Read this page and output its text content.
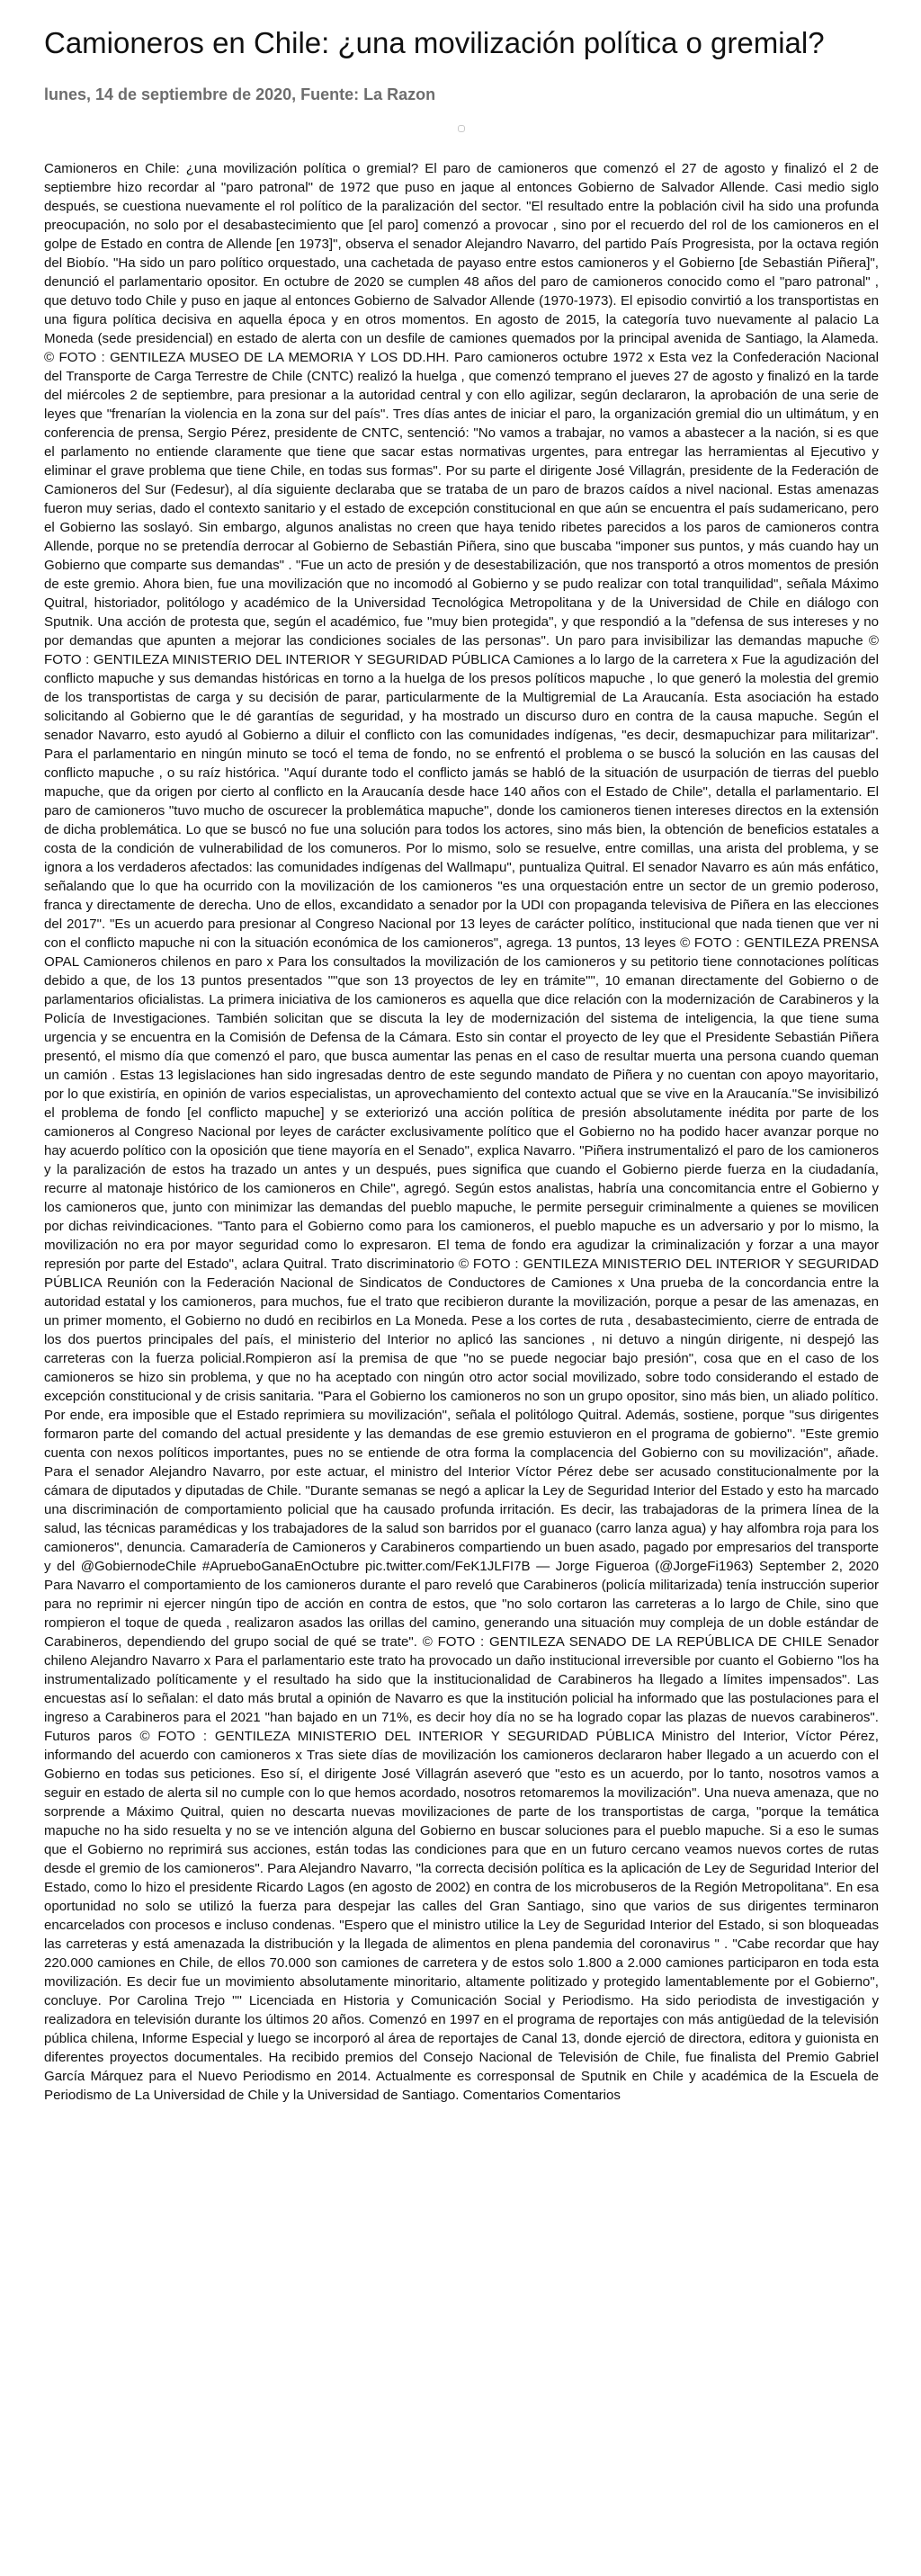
Camioneros en Chile: ¿una movilización política o gremial?
lunes, 14 de septiembre de 2020, Fuente: La Razon

Camioneros en Chile: ¿una movilización política o gremial? El paro de camioneros que comenzó el 27 de agosto y finalizó el 2 de septiembre hizo recordar al "paro patronal" de 1972 que puso en jaque al entonces Gobierno de Salvador Allende. Casi medio siglo después, se cuestiona nuevamente el rol político de la paralización del sector. "El resultado entre la población civil ha sido una profunda preocupación, no solo por el desabastecimiento que [el paro] comenzó a provocar , sino por el recuerdo del rol de los camioneros en el golpe de Estado en contra de Allende [en 1973]", observa el senador Alejandro Navarro, del partido País Progresista, por la octava región del Biobío. "Ha sido un paro político orquestado, una cachetada de payaso entre estos camioneros y el Gobierno [de Sebastián Piñera]", denunció el parlamentario opositor. En octubre de 2020 se cumplen 48 años del paro de camioneros conocido como el "paro patronal" , que detuvo todo Chile y puso en jaque al entonces Gobierno de Salvador Allende (1970-1973). El episodio convirtió a los transportistas en una figura política decisiva en aquella época y en otros momentos. En agosto de 2015, la categoría tuvo nuevamente al palacio La Moneda (sede presidencial) en estado de alerta con un desfile de camiones quemados por la principal avenida de Santiago, la Alameda. © FOTO : GENTILEZA MUSEO DE LA MEMORIA Y LOS DD.HH. Paro camioneros octubre 1972 x Esta vez la Confederación Nacional del Transporte de Carga Terrestre de Chile (CNTC) realizó la huelga , que comenzó temprano el jueves 27 de agosto y finalizó en la tarde del miércoles 2 de septiembre, para presionar a la autoridad central y con ello agilizar, según declararon, la aprobación de una serie de leyes que "frenarían la violencia en la zona sur del país". Tres días antes de iniciar el paro, la organización gremial dio un ultimátum, y en conferencia de prensa, Sergio Pérez, presidente de CNTC, sentenció: "No vamos a trabajar, no vamos a abastecer a la nación, si es que el parlamento no entiende claramente que tiene que sacar estas normativas urgentes, para entregar las herramientas al Ejecutivo y eliminar el grave problema que tiene Chile, en todas sus formas". Por su parte el dirigente José Villagrán, presidente de la Federación de Camioneros del Sur (Fedesur), al día siguiente declaraba que se trataba de un paro de brazos caídos a nivel nacional. Estas amenazas fueron muy serias, dado el contexto sanitario y el estado de excepción constitucional en que aún se encuentra el país sudamericano, pero el Gobierno las soslayó. Sin embargo, algunos analistas no creen que haya tenido ribetes parecidos a los paros de camioneros contra Allende, porque no se pretendía derrocar al Gobierno de Sebastián Piñera, sino que buscaba "imponer sus puntos, y más cuando hay un Gobierno que comparte sus demandas" . "Fue un acto de presión y de desestabilización, que nos transportó a otros momentos de presión de este gremio. Ahora bien, fue una movilización que no incomodó al Gobierno y se pudo realizar con total tranquilidad", señala Máximo Quitral, historiador, politólogo y académico de la Universidad Tecnológica Metropolitana y de la Universidad de Chile en diálogo con Sputnik. Una acción de protesta que, según el académico, fue "muy bien protegida", y que respondió a la "defensa de sus intereses y no por demandas que apunten a mejorar las condiciones sociales de las personas". Un paro para invisibilizar las demandas mapuche © FOTO : GENTILEZA MINISTERIO DEL INTERIOR Y SEGURIDAD PÚBLICA Camiones a lo largo de la carretera x Fue la agudización del conflicto mapuche y sus demandas históricas en torno a la huelga de los presos políticos mapuche , lo que generó la molestia del gremio de los transportistas de carga y su decisión de parar, particularmente de la Multigremial de La Araucanía. Esta asociación ha estado solicitando al Gobierno que le dé garantías de seguridad, y ha mostrado un discurso duro en contra de la causa mapuche. Según el senador Navarro, esto ayudó al Gobierno a diluir el conflicto con las comunidades indígenas, "es decir, desmapuchizar para militarizar". Para el parlamentario en ningún minuto se tocó el tema de fondo, no se enfrentó el problema o se buscó la solución en las causas del conflicto mapuche , o su raíz histórica. "Aquí durante todo el conflicto jamás se habló de la situación de usurpación de tierras del pueblo mapuche, que da origen por cierto al conflicto en la Araucanía desde hace 140 años con el Estado de Chile", detalla el parlamentario. El paro de camioneros "tuvo mucho de oscurecer la problemática mapuche", donde los camioneros tienen intereses directos en la extensión de dicha problemática. Lo que se buscó no fue una solución para todos los actores, sino más bien, la obtención de beneficios estatales a costa de la condición de vulnerabilidad de los comuneros. Por lo mismo, solo se resuelve, entre comillas, una arista del problema, y se ignora a los verdaderos afectados: las comunidades indígenas del Wallmapu", puntualiza Quitral. El senador Navarro es aún más enfático, señalando que lo que ha ocurrido con la movilización de los camioneros "es una orquestación entre un sector de un gremio poderoso, franca y directamente de derecha. Uno de ellos, excandidato a senador por la UDI con propaganda televisiva de Piñera en las elecciones del 2017". "Es un acuerdo para presionar al Congreso Nacional por 13 leyes de carácter político, institucional que nada tienen que ver ni con el conflicto mapuche ni con la situación económica de los camioneros", agrega. 13 puntos, 13 leyes © FOTO : GENTILEZA PRENSA OPAL Camioneros chilenos en paro x Para los consultados la movilización de los camioneros y su petitorio tiene connotaciones políticas debido a que, de los 13 puntos presentados ""que son 13 proyectos de ley en trámite"", 10 emanan directamente del Gobierno o de parlamentarios oficialistas. La primera iniciativa de los camioneros es aquella que dice relación con la modernización de Carabineros y la Policía de Investigaciones. También solicitan que se discuta la ley de modernización del sistema de inteligencia, la que tiene suma urgencia y se encuentra en la Comisión de Defensa de la Cámara. Esto sin contar el proyecto de ley que el Presidente Sebastián Piñera presentó, el mismo día que comenzó el paro, que busca aumentar las penas en el caso de resultar muerta una persona cuando queman un camión . Estas 13 legislaciones han sido ingresadas dentro de este segundo mandato de Piñera y no cuentan con apoyo mayoritario, por lo que existiría, en opinión de varios especialistas, un aprovechamiento del contexto actual que se vive en la Araucanía."Se invisibilizó el problema de fondo [el conflicto mapuche] y se exteriorizó una acción política de presión absolutamente inédita por parte de los camioneros al Congreso Nacional por leyes de carácter exclusivamente político que el Gobierno no ha podido hacer avanzar porque no hay acuerdo político con la oposición que tiene mayoría en el Senado", explica Navarro. "Piñera instrumentalizó el paro de los camioneros y la paralización de estos ha trazado un antes y un después, pues significa que cuando el Gobierno pierde fuerza en la ciudadanía, recurre al matonaje histórico de los camioneros en Chile", agregó. Según estos analistas, habría una concomitancia entre el Gobierno y los camioneros que, junto con minimizar las demandas del pueblo mapuche, le permite perseguir criminalmente a quienes se movilicen por dichas reivindicaciones. "Tanto para el Gobierno como para los camioneros, el pueblo mapuche es un adversario y por lo mismo, la movilización no era por mayor seguridad como lo expresaron. El tema de fondo era agudizar la criminalización y forzar a una mayor represión por parte del Estado", aclara Quitral. Trato discriminatorio © FOTO : GENTILEZA MINISTERIO DEL INTERIOR Y SEGURIDAD PÚBLICA Reunión con la Federación Nacional de Sindicatos de Conductores de Camiones x Una prueba de la concordancia entre la autoridad estatal y los camioneros, para muchos, fue el trato que recibieron durante la movilización, porque a pesar de las amenazas, en un primer momento, el Gobierno no dudó en recibirlos en La Moneda. Pese a los cortes de ruta , desabastecimiento, cierre de entrada de los dos puertos principales del país, el ministerio del Interior no aplicó las sanciones , ni detuvo a ningún dirigente, ni despejó las carreteras con la fuerza policial.Rompieron así la premisa de que "no se puede negociar bajo presión", cosa que en el caso de los camioneros se hizo sin problema, y que no ha aceptado con ningún otro actor social movilizado, sobre todo considerando el estado de excepción constitucional y de crisis sanitaria. "Para el Gobierno los camioneros no son un grupo opositor, sino más bien, un aliado político. Por ende, era imposible que el Estado reprimiera su movilización", señala el politólogo Quitral. Además, sostiene, porque "sus dirigentes formaron parte del comando del actual presidente y las demandas de ese gremio estuvieron en el programa de gobierno". "Este gremio cuenta con nexos políticos importantes, pues no se entiende de otra forma la complacencia del Gobierno con su movilización", añade. Para el senador Alejandro Navarro, por este actuar, el ministro del Interior Víctor Pérez debe ser acusado constitucionalmente por la cámara de diputados y diputadas de Chile. "Durante semanas se negó a aplicar la Ley de Seguridad Interior del Estado y esto ha marcado una discriminación de comportamiento policial que ha causado profunda irritación. Es decir, las trabajadoras de la primera línea de la salud, las técnicas paramédicas y los trabajadores de la salud son barridos por el guanaco (carro lanza agua) y hay alfombra roja para los camioneros", denuncia. Camaradería de Camioneros y Carabineros compartiendo un buen asado, pagado por empresarios del transporte y del @GobiernodeChile #AprueboGanaEnOctubre pic.twitter.com/FeK1JLFI7B — Jorge Figueroa (@JorgeFi1963) September 2, 2020 Para Navarro el comportamiento de los camioneros durante el paro reveló que Carabineros (policía militarizada) tenía instrucción superior para no reprimir ni ejercer ningún tipo de acción en contra de estos, que "no solo cortaron las carreteras a lo largo de Chile, sino que rompieron el toque de queda , realizaron asados las orillas del camino, generando una situación muy compleja de un doble estándar de Carabineros, dependiendo del grupo social de qué se trate". © FOTO : GENTILEZA SENADO DE LA REPÚBLICA DE CHILE Senador chileno Alejandro Navarro x Para el parlamentario este trato ha provocado un daño institucional irreversible por cuanto el Gobierno "los ha instrumentalizado políticamente y el resultado ha sido que la institucionalidad de Carabineros ha llegado a límites impensados". Las encuestas así lo señalan: el dato más brutal a opinión de Navarro es que la institución policial ha informado que las postulaciones para el ingreso a Carabineros para el 2021 "han bajado en un 71%, es decir hoy día no se ha logrado copar las plazas de nuevos carabineros". Futuros paros © FOTO : GENTILEZA MINISTERIO DEL INTERIOR Y SEGURIDAD PÚBLICA Ministro del Interior, Víctor Pérez, informando del acuerdo con camioneros x Tras siete días de movilización los camioneros declararon haber llegado a un acuerdo con el Gobierno en todas sus peticiones. Eso sí, el dirigente José Villagrán aseveró que "esto es un acuerdo, por lo tanto, nosotros vamos a seguir en estado de alerta sil no cumple con lo que hemos acordado, nosotros retomaremos la movilización". Una nueva amenaza, que no sorprende a Máximo Quitral, quien no descarta nuevas movilizaciones de parte de los transportistas de carga, "porque la temática mapuche no ha sido resuelta y no se ve intención alguna del Gobierno en buscar soluciones para el pueblo mapuche. Si a eso le sumas que el Gobierno no reprimirá sus acciones, están todas las condiciones para que en un futuro cercano veamos nuevos cortes de rutas desde el gremio de los camioneros". Para Alejandro Navarro, "la correcta decisión política es la aplicación de Ley de Seguridad Interior del Estado, como lo hizo el presidente Ricardo Lagos (en agosto de 2002) en contra de los microbuseros de la Región Metropolitana". En esa oportunidad no solo se utilizó la fuerza para despejar las calles del Gran Santiago, sino que varios de sus dirigentes terminaron encarcelados con procesos e incluso condenas. "Espero que el ministro utilice la Ley de Seguridad Interior del Estado, si son bloqueadas las carreteras y está amenazada la distribución y la llegada de alimentos en plena pandemia del coronavirus " . "Cabe recordar que hay 220.000 camiones en Chile, de ellos 70.000 son camiones de carretera y de estos solo 1.800 a 2.000 camiones participaron en toda esta movilización. Es decir fue un movimiento absolutamente minoritario, altamente politizado y protegido lamentablemente por el Gobierno", concluye. Por Carolina Trejo "" Licenciada en Historia y Comunicación Social y Periodismo. Ha sido periodista de investigación y realizadora en televisión durante los últimos 20 años. Comenzó en 1997 en el programa de reportajes con más antigüedad de la televisión pública chilena, Informe Especial y luego se incorporó al área de reportajes de Canal 13, donde ejerció de directora, editora y guionista en diferentes proyectos documentales. Ha recibido premios del Consejo Nacional de Televisión de Chile, fue finalista del Premio Gabriel García Márquez para el Nuevo Periodismo en 2014. Actualmente es corresponsal de Sputnik en Chile y académica de la Escuela de Periodismo de La Universidad de Chile y la Universidad de Santiago. Comentarios Comentarios
